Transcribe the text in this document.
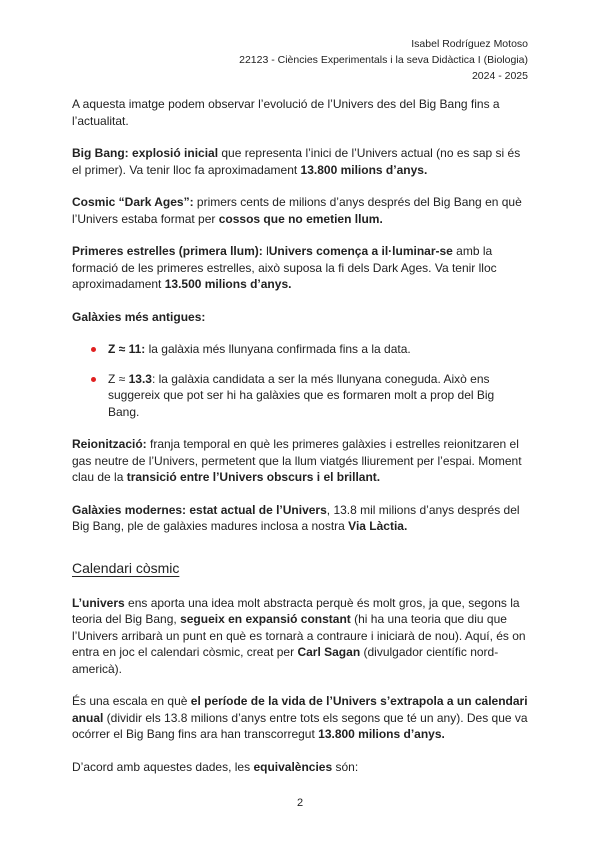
Isabel Rodríguez Motoso
22123 - Ciències Experimentals i la seva Didàctica I (Biologia)
2024 - 2025

A aquesta imatge podem observar l’evolució de l’Univers des del Big Bang fins a l’actualitat.

Big Bang: explosió inicial que representa l’inici de l’Univers actual (no es sap si és el primer). Va tenir lloc fa aproximadament 13.800 milions d’anys.

Cosmic “Dark Ages”: primers cents de milions d’anys després del Big Bang en què l’Univers estaba format per cossos que no emetien llum.

Primeres estrelles (primera llum): lUnivers comença a il·luminar-se amb la formació de les primeres estrelles, això suposa la fi dels Dark Ages. Va tenir lloc aproximadament 13.500 milions d’anys.

Galàxies més antigues:

Z ≈ 11: la galàxia més llunyana confirmada fins a la data.
Z ≈ 13.3: la galàxia candidata a ser la més llunyana coneguda. Això ens suggereix que pot ser hi ha galàxies que es formaren molt a prop del Big Bang.

Reionització: franja temporal en què les primeres galàxies i estrelles reionitzaren el gas neutre de l’Univers, permetent que la llum viatgés lliurement per l’espai. Moment clau de la transició entre l’Univers obscurs i el brillant.

Galàxies modernes: estat actual de l’Univers, 13.8 mil milions d’anys després del Big Bang, ple de galàxies madures inclosa a nostra Via Làctia.

Calendari còsmic

L’univers ens aporta una idea molt abstracta perquè és molt gros, ja que, segons la teoria del Big Bang, segueix en expansió constant (hi ha una teoria que diu que l’Univers arribarà un punt en què es tornarà a contraure i iniciarà de nou). Aquí, és on entra en joc el calendari còsmic, creat per Carl Sagan (divulgador científic nord-americà).

És una escala en què el període de la vida de l’Univers s’extrapola a un calendari anual (dividir els 13.8 milions d’anys entre tots els segons que té un any). Des que va ocórrer el Big Bang fins ara han transcorregut 13.800 milions d’anys.

D’acord amb aquestes dades, les equivalències són:

2
